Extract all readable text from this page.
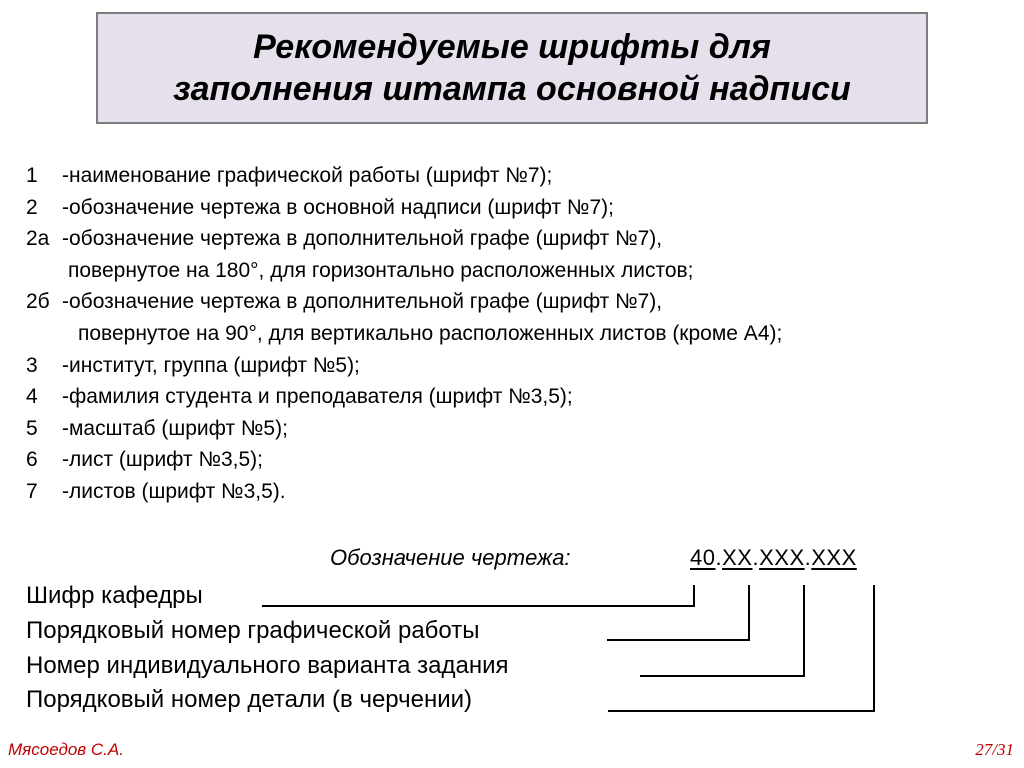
Рекомендуемые шрифты для
заполнения штампа основной надписи
1 -наименование графической работы (шрифт №7);
2 -обозначение чертежа в основной надписи (шрифт №7);
2а -обозначение чертежа в дополнительной графе (шрифт №7),
повернутое на 180°, для горизонтально расположенных листов;
2б -обозначение чертежа в дополнительной графе (шрифт №7),
повернутое на 90°, для вертикально расположенных листов (кроме А4);
3 -институт, группа (шрифт №5);
4 -фамилия студента и преподавателя (шрифт №3,5);
5 -масштаб (шрифт №5);
6 -лист (шрифт №3,5);
7 -листов (шрифт №3,5).
Обозначение чертежа:	40.XX.XXX.XXX
Шифр кафедры
Порядковый номер графической работы
Номер индивидуального варианта задания
Порядковый номер детали (в черчении)
Мясоедов С.А.	27/31
